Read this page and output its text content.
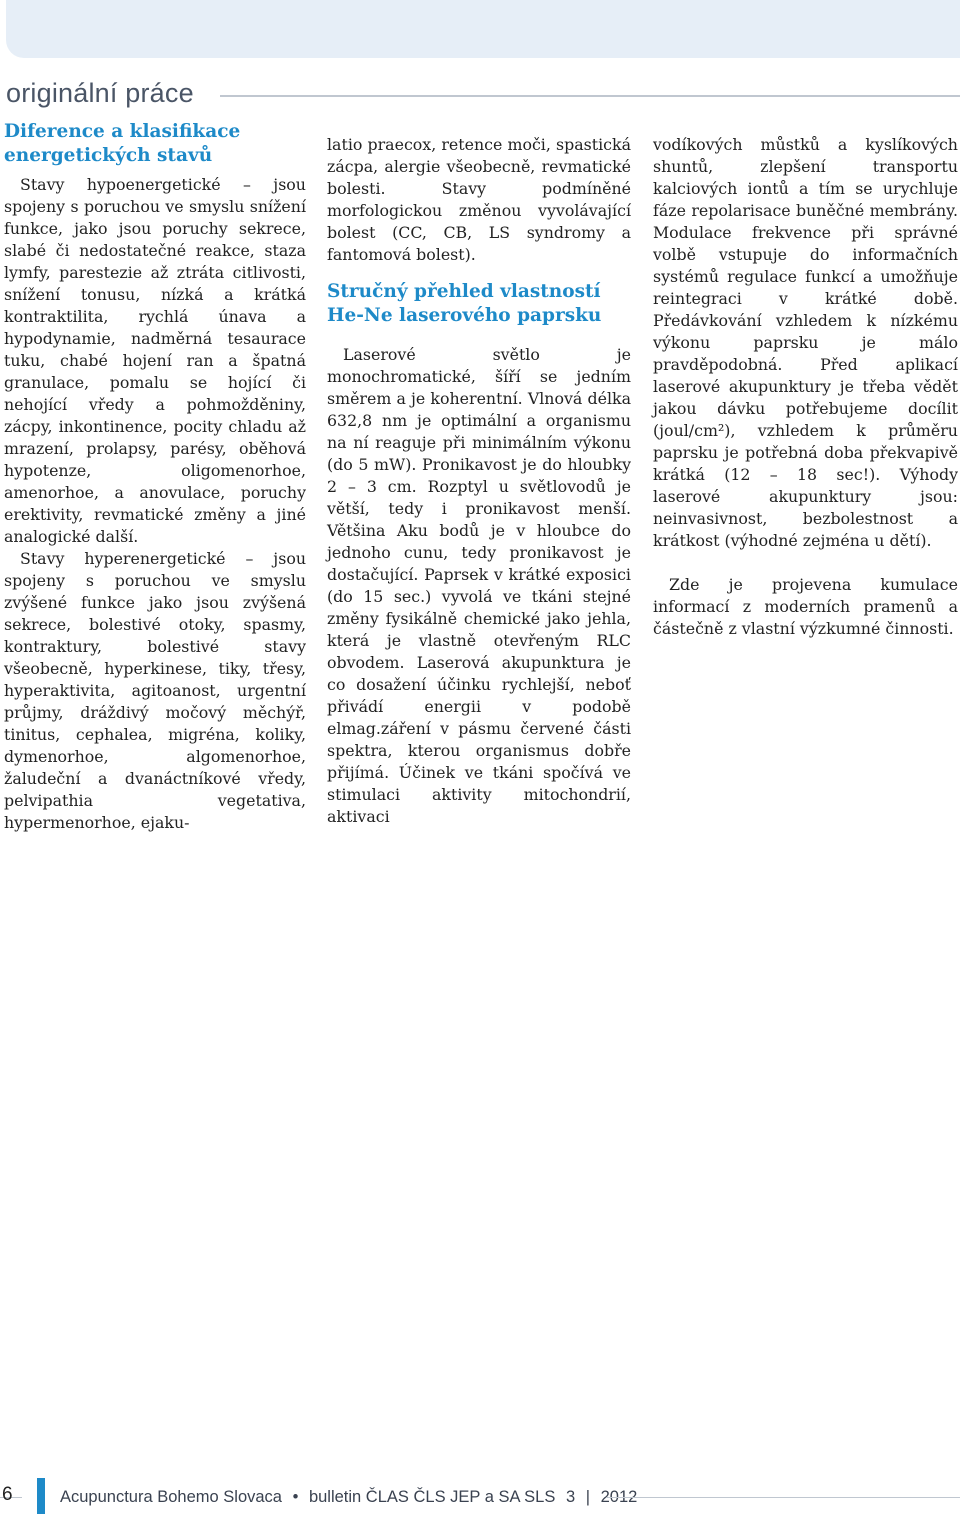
originální práce
Diference a klasifikace energetických stavů

Stavy hypoenergetické – jsou spojeny s poruchou ve smyslu snížení funkce, jako jsou poruchy sekrece, slabé či nedostatečné reakce, staza lymfy, parestezie až ztráta citlivosti, snížení tonusu, nízká a krátká kontraktilita, rychlá únava a hypodynamie, nadměrná tesaurace tuku, chabé hojení ran a špatná granulace, pomalu se hojící či nehojící vředy a pohmožděniny, zácpy, inkontinence, pocity chladu až mrazení, prolapsy, parésy, oběhová hypotenze, oligomenorhoe, amenorhoe, a anovulace, poruchy erektivity, revmatické změny a jiné analogické další.

Stavy hyperenergetické – jsou spojeny s poruchou ve smyslu zvýšené funkce jako jsou zvýšená sekrece, bolestivé otoky, spasmy, kontraktury, bolestivé stavy všeobecně, hyperkinese, tiky, třesy, hyperaktivita, agitoanost, urgentní průjmy, dráždivý močový měchýř, tinitus, cephalea, migréna, koliky, dymenorhoe, algomenorhoe, žaludeční a dvanáctníkové vředy, pelvipathia vegetativa, hypermenorhoe, ejaku-

latio praecox, retence moči, spastická zácpa, alergie všeobecně, revmatické bolesti. Stavy podmíněné morfologickou změnou vyvolávající bolest (CC, CB, LS syndromy a fantomová bolest).

Stručný přehled vlastností He-Ne laserového paprsku

Laserové světlo je monochromatické, šíří se jedním směrem a je koherentní. Vlnová délka 632,8 nm je optimální a organismu na ní reaguje při minimálním výkonu (do 5 mW). Pronikavost je do hloubky 2 – 3 cm. Rozptyl u světlovodů je větší, tedy i pronikavost menší. Většina Aku bodů je v hloubce do jednoho cunu, tedy pronikavost je dostačující. Paprsek v krátké exposici (do 15 sec.) vyvolá ve tkáni stejné změny fysikálně chemické jako jehla, která je vlastně otevřeným RLC obvodem. Laserová akupunktura je co dosažení účinku rychlejší, neboť přivádí energii v podobě elmag.záření v pásmu červené části spektra, kterou organismus dobře přijímá. Účinek ve tkáni spočívá ve stimulaci aktivity mitochondrií, aktivaci

vodíkových můstků a kyslíkových shuntů, zlepšení transportu kalciových iontů a tím se urychluje fáze repolarisace buněčné membrány. Modulace frekvence při správné volbě vstupuje do informačních systémů regulace funkcí a umožňuje reintegraci v krátké době. Předávkování vzhledem k nízkému výkonu paprsku je málo pravděpodobná. Před aplikací laserové akupunktury je třeba vědět jakou dávku potřebujeme docílit (joul/cm²), vzhledem k průměru paprsku je potřebná doba překvapivě krátká (12 – 18 sec!). Výhody laserové akupunktury jsou: neinvasivnost, bezbolestnost a krátkost (výhodné zejména u dětí).

Zde je projevena kumulace informací z moderních pramenů a částečně z vlastní výzkumné činnosti.

6	Acupunctura Bohemo Slovaca • bulletin ČLAS ČLS JEP a SA SLS 3 | 2012
